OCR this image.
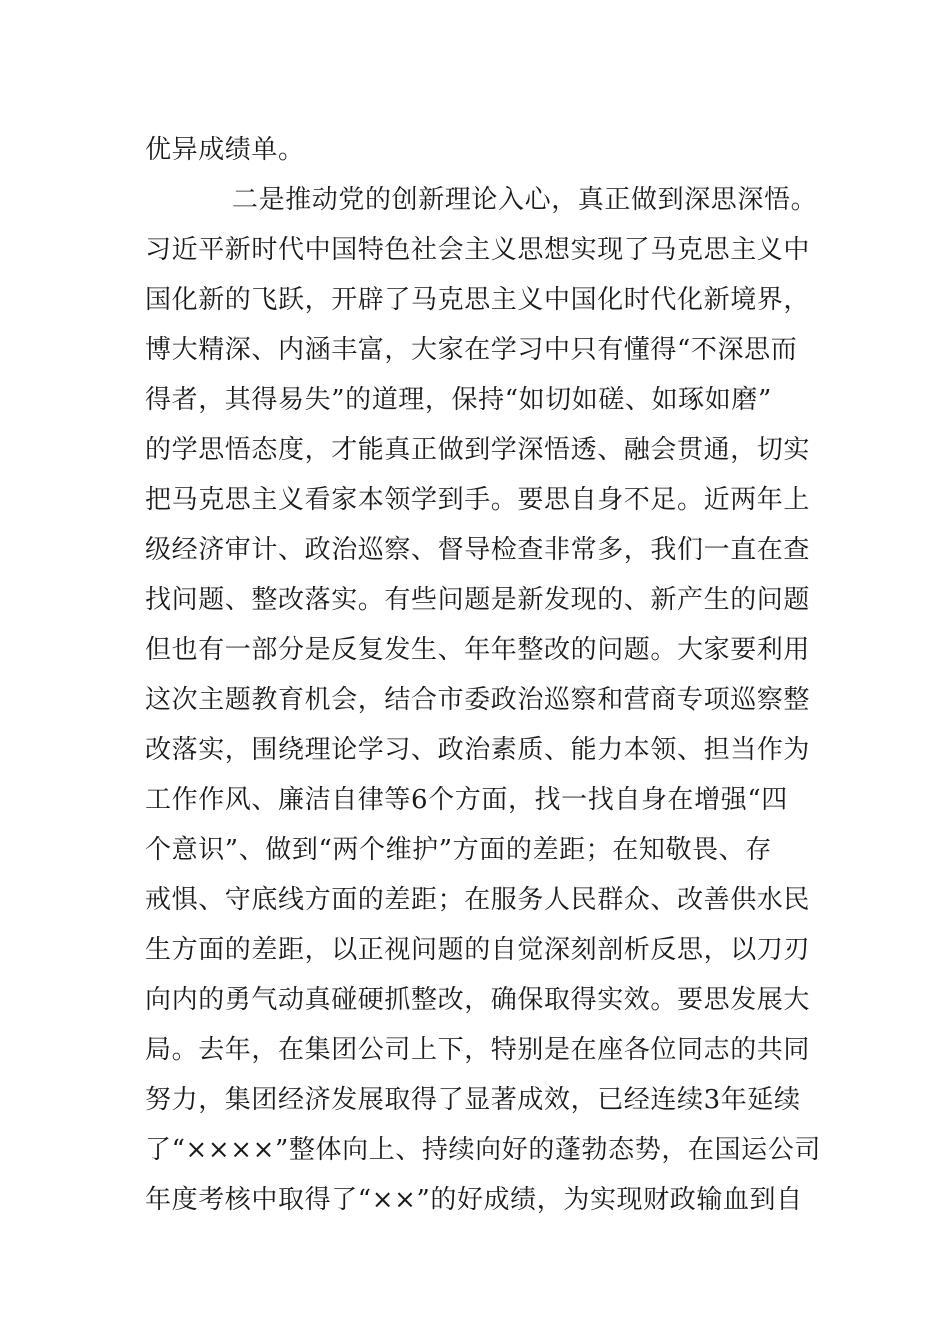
优异成绩单。
二是推动党的创新理论入心，真正做到深思深悟。
习近平新时代中国特色社会主义思想实现了马克思主义中
国化新的飞跃，开辟了马克思主义中国化时代化新境界，
博大精深、内涵丰富，大家在学习中只有懂得“不深思而
得者，其得易失”的道理，保持“如切如磋、如琢如磨”
的学思悟态度，才能真正做到学深悟透、融会贯通，切实
把马克思主义看家本领学到手。要思自身不足。近两年上
级经济审计、政治巡察、督导检查非常多，我们一直在查
找问题、整改落实。有些问题是新发现的、新产生的问题
但也有一部分是反复发生、年年整改的问题。大家要利用
这次主题教育机会，结合市委政治巡察和营商专项巡察整
改落实，围绕理论学习、政治素质、能力本领、担当作为
工作作风、廉洁自律等6个方面，找一找自身在增强“四
个意识”、做到“两个维护”方面的差距；在知敬畏、存
戒惧、守底线方面的差距；在服务人民群众、改善供水民
生方面的差距，以正视问题的自觉深刻剖析反思，以刀刃
向内的勇气动真碰硬抓整改，确保取得实效。要思发展大
局。去年，在集团公司上下，特别是在座各位同志的共同
努力，集团经济发展取得了显著成效，已经连续3年延续
了“××××”整体向上、持续向好的蓬勃态势，在国运公司
年度考核中取得了“××”的好成绩，为实现财政输血到自
